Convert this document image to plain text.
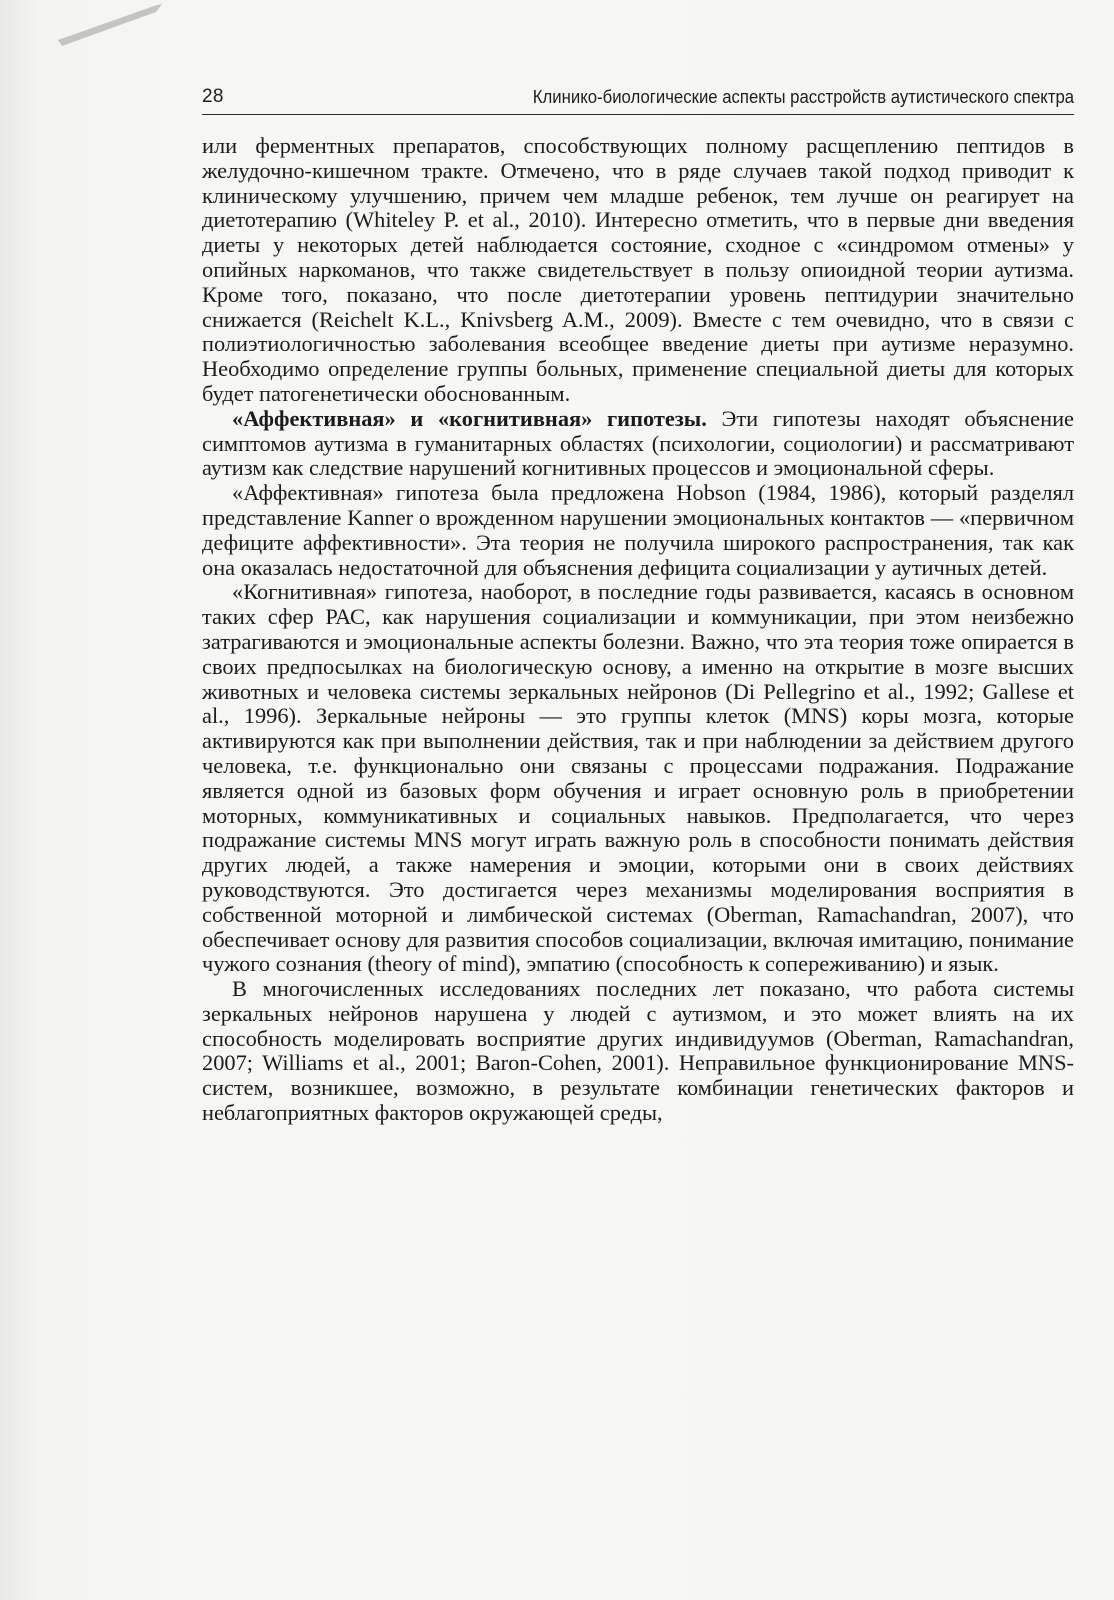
28	Клинико-биологические аспекты расстройств аутистического спектра

или ферментных препаратов, способствующих полному расщеплению пептидов в желудочно-кишечном тракте. Отмечено, что в ряде случаев такой подход приводит к клиническому улучшению, причем чем младше ребенок, тем лучше он реагирует на диетотерапию (Whiteley P. et al., 2010). Интересно отметить, что в первые дни введения диеты у некоторых детей наблюдается состояние, сходное с «синдромом отмены» у опийных наркоманов, что также свидетельствует в пользу опиоидной теории аутизма. Кроме того, показано, что после диетотерапии уровень пептидурии значительно снижается (Reichelt K.L., Knivsberg A.M., 2009). Вместе с тем очевидно, что в связи с полиэтиологичностью заболевания всеобщее введение диеты при аутизме неразумно. Необходимо определение группы больных, применение специальной диеты для которых будет патогенетически обоснованным.

«Аффективная» и «когнитивная» гипотезы. Эти гипотезы находят объяснение симптомов аутизма в гуманитарных областях (психологии, социологии) и рассматривают аутизм как следствие нарушений когнитивных процессов и эмоциональной сферы.

«Аффективная» гипотеза была предложена Hobson (1984, 1986), который разделял представление Kanner о врожденном нарушении эмоциональных контактов — «первичном дефиците аффективности». Эта теория не получила широкого распространения, так как она оказалась недостаточной для объяснения дефицита социализации у аутичных детей.

«Когнитивная» гипотеза, наоборот, в последние годы развивается, касаясь в основном таких сфер РАС, как нарушения социализации и коммуникации, при этом неизбежно затрагиваются и эмоциональные аспекты болезни. Важно, что эта теория тоже опирается в своих предпосылках на биологическую основу, а именно на открытие в мозге высших животных и человека системы зеркальных нейронов (Di Pellegrino et al., 1992; Gallese et al., 1996). Зеркальные нейроны — это группы клеток (MNS) коры мозга, которые активируются как при выполнении действия, так и при наблюдении за действием другого человека, т.е. функционально они связаны с процессами подражания. Подражание является одной из базовых форм обучения и играет основную роль в приобретении моторных, коммуникативных и социальных навыков. Предполагается, что через подражание системы MNS могут играть важную роль в способности понимать действия других людей, а также намерения и эмоции, которыми они в своих действиях руководствуются. Это достигается через механизмы моделирования восприятия в собственной моторной и лимбической системах (Oberman, Ramachandran, 2007), что обеспечивает основу для развития способов социализации, включая имитацию, понимание чужого сознания (theory of mind), эмпатию (способность к сопереживанию) и язык.

В многочисленных исследованиях последних лет показано, что работа системы зеркальных нейронов нарушена у людей с аутизмом, и это может влиять на их способность моделировать восприятие других индивидуумов (Oberman, Ramachandran, 2007; Williams et al., 2001; Baron-Cohen, 2001). Неправильное функционирование MNS-систем, возникшее, возможно, в результате комбинации генетических факторов и неблагоприятных факторов окружающей среды,
